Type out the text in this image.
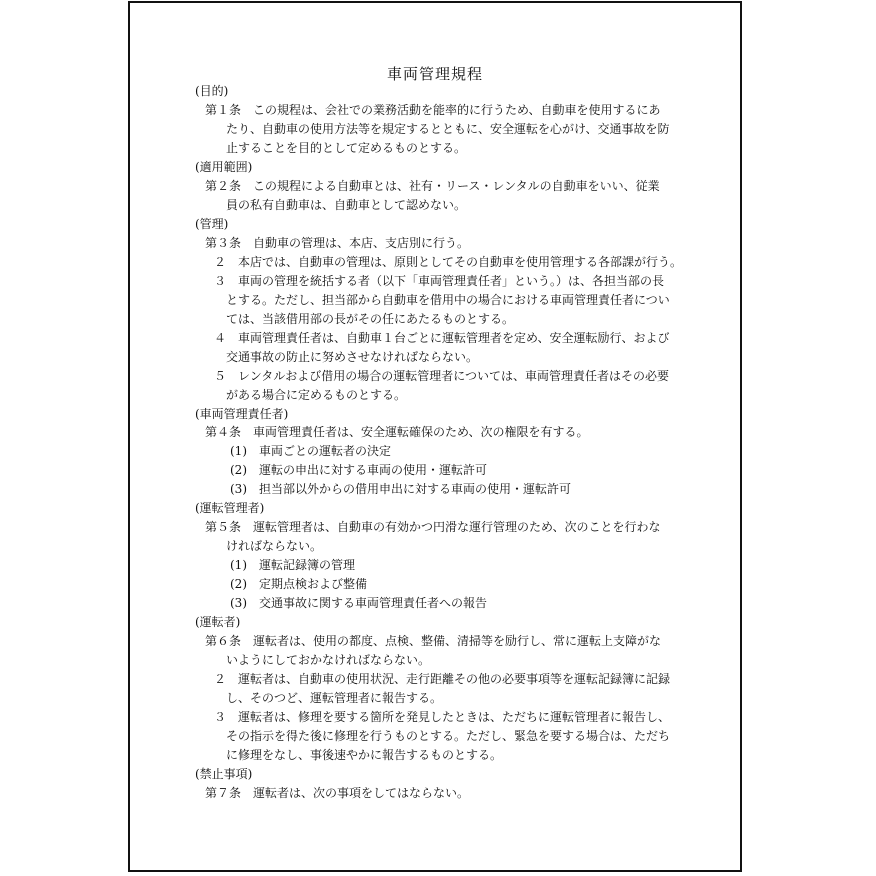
車両管理規程
(目的)
第１条　この規程は、会社での業務活動を能率的に行うため、自動車を使用するにあ
たり、自動車の使用方法等を規定するとともに、安全運転を心がけ、交通事故を防
止することを目的として定めるものとする。
(適用範囲)
第２条　この規程による自動車とは、社有・リース・レンタルの自動車をいい、従業
員の私有自動車は、自動車として認めない。
(管理)
第３条　自動車の管理は、本店、支店別に行う。
２　本店では、自動車の管理は、原則としてその自動車を使用管理する各部課が行う。
３　車両の管理を統括する者（以下「車両管理責任者」という。）は、各担当部の長
とする。ただし、担当部から自動車を借用中の場合における車両管理責任者につい
ては、当該借用部の長がその任にあたるものとする。
４　車両管理責任者は、自動車１台ごとに運転管理者を定め、安全運転励行、および
交通事故の防止に努めさせなければならない。
５　レンタルおよび借用の場合の運転管理者については、車両管理責任者はその必要
がある場合に定めるものとする。
(車両管理責任者)
第４条　車両管理責任者は、安全運転確保のため、次の権限を有する。
(1)　車両ごとの運転者の決定
(2)　運転の申出に対する車両の使用・運転許可
(3)　担当部以外からの借用申出に対する車両の使用・運転許可
(運転管理者)
第５条　運転管理者は、自動車の有効かつ円滑な運行管理のため、次のことを行わな
ければならない。
(1)　運転記録簿の管理
(2)　定期点検および整備
(3)　交通事故に関する車両管理責任者への報告
(運転者)
第６条　運転者は、使用の都度、点検、整備、清掃等を励行し、常に運転上支障がな
いようにしておかなければならない。
２　運転者は、自動車の使用状況、走行距離その他の必要事項等を運転記録簿に記録
し、そのつど、運転管理者に報告する。
３　運転者は、修理を要する箇所を発見したときは、ただちに運転管理者に報告し、
その指示を得た後に修理を行うものとする。ただし、緊急を要する場合は、ただち
に修理をなし、事後速やかに報告するものとする。
(禁止事項)
第７条　運転者は、次の事項をしてはならない。
